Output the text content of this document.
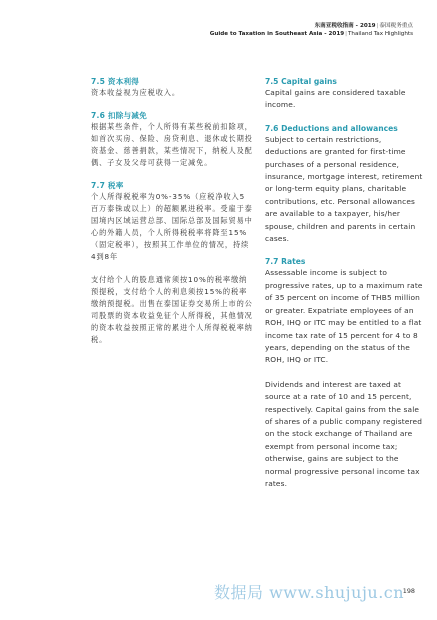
东南亚税收指南 - 2019|泰国税务重点
Guide to Taxation in Southeast Asia - 2019|Thailand Tax Highlights
7.5 资本利得

资本收益视为应税收入。

7.6 扣除与减免

根据某些条件，个人所得有某些税前扣除项，如首次买房、保险、房贷利息、退休或长期投资基金、慈善捐款，某些情况下，纳税人及配偶、子女及父母可获得一定减免。

7.7 税率

个人所得税税率为0%-35%（应税净收入5百万泰铢或以上）的超额累进税率。受雇于泰国境内区域运营总部、国际总部及国际贸易中心的外籍人员，个人所得税税率将降至15%（固定税率），按照其工作单位的情况，持续4到8年

支付给个人的股息通常须按10%的税率缴纳预提税，支付给个人的利息须按15%的税率缴纳预提税。出售在泰国证券交易所上市的公司股票的资本收益免征个人所得税，其他情况的资本收益按照正常的累进个人所得税税率纳税。

7.5 Capital gains

Capital gains are considered taxable income.

7.6 Deductions and allowances

Subject to certain restrictions, deductions are granted for first-time purchases of a personal residence, insurance, mortgage interest, retirement or long-term equity plans, charitable contributions, etc. Personal allowances are available to a taxpayer, his/her spouse, children and parents in certain cases.

7.7 Rates

Assessable income is subject to progressive rates, up to a maximum rate of 35 percent on income of THB5 million or greater. Expatriate employees of an ROH, IHQ or ITC may be entitled to a flat income tax rate of 15 percent for 4 to 8 years, depending on the status of the ROH, IHQ or ITC.

Dividends and interest are taxed at source at a rate of 10 and 15 percent, respectively. Capital gains from the sale of shares of a public company registered on the stock exchange of Thailand are exempt from personal income tax; otherwise, gains are subject to the normal progressive personal income tax rates.

数据局 www.shujuju.cn
198
